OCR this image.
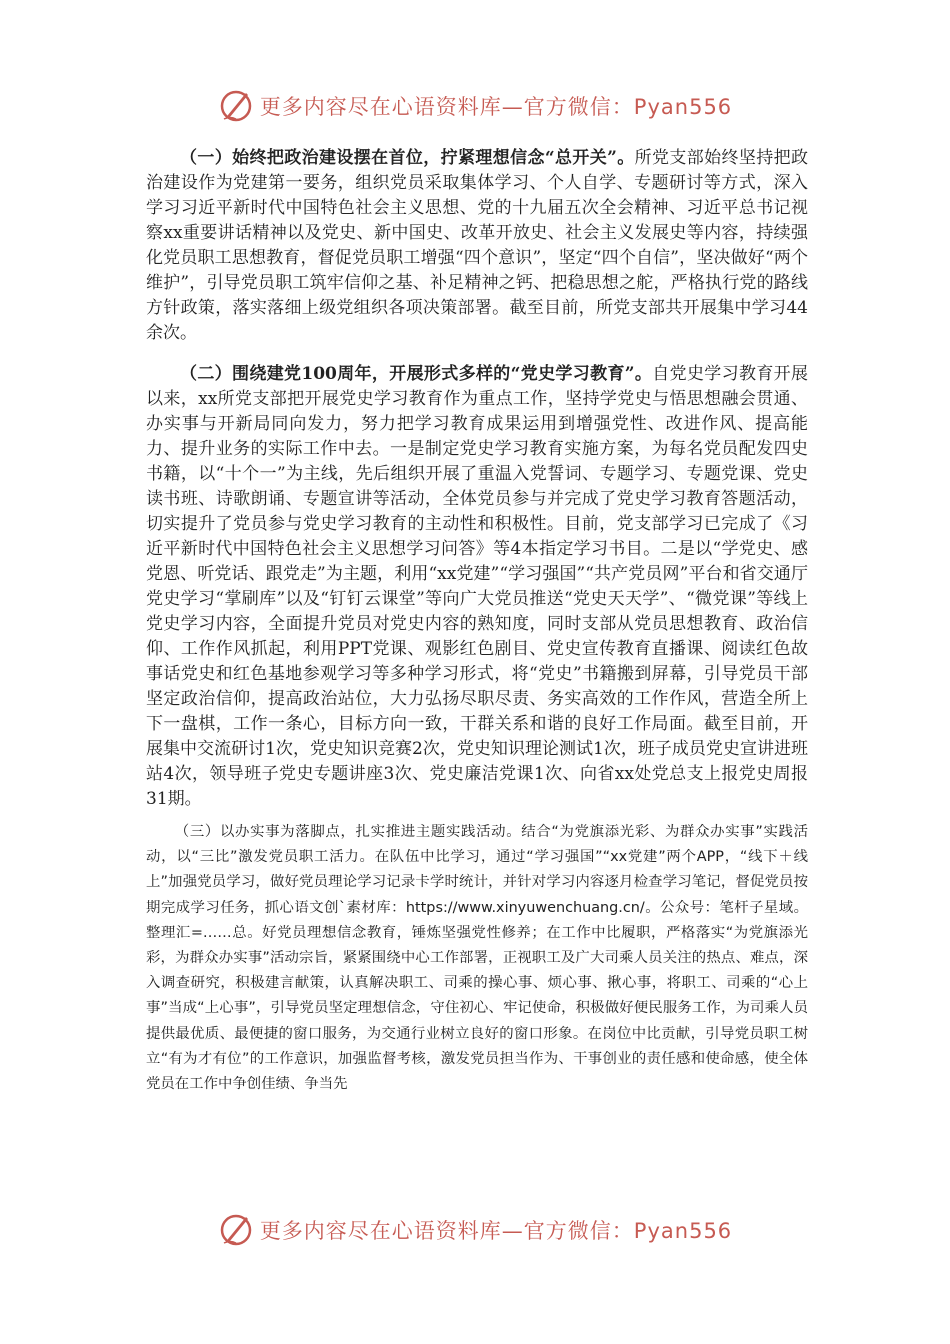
更多内容尽在心语资料库—官方微信：Pyan556

（一）始终把政治建设摆在首位，拧紧理想信念“总开关”。所党支部始终坚持把政治建设作为党建第一要务，组织党员采取集体学习、个人自学、专题研讨等方式，深入学习习近平新时代中国特色社会主义思想、党的十九届五次全会精神、习近平总书记视察xx重要讲话精神以及党史、新中国史、改革开放史、社会主义发展史等内容，持续强化党员职工思想教育，督促党员职工增强“四个意识”，坚定“四个自信”，坚决做好“两个维护”，引导党员职工筑牢信仰之基、补足精神之钙、把稳思想之舵，严格执行党的路线方针政策，落实落细上级党组织各项决策部署。截至目前，所党支部共开展集中学习44余次。

（二）围绕建党100周年，开展形式多样的“党史学习教育”。自党史学习教育开展以来，xx所党支部把开展党史学习教育作为重点工作，坚持学党史与悟思想融会贯通、办实事与开新局同向发力，努力把学习教育成果运用到增强党性、改进作风、提高能力、提升业务的实际工作中去。一是制定党史学习教育实施方案，为每名党员配发四史书籍，以“十个一”为主线，先后组织开展了重温入党誓词、专题学习、专题党课、党史读书班、诗歌朗诵、专题宣讲等活动，全体党员参与并完成了党史学习教育答题活动，切实提升了党员参与党史学习教育的主动性和积极性。目前，党支部学习已完成了《习近平新时代中国特色社会主义思想学习问答》等4本指定学习书目。二是以“学党史、感党恩、听党话、跟党走”为主题，利用“xx党建”“学习强国”“共产党员网”平台和省交通厅党史学习“掌刷库”以及“钉钉云课堂”等向广大党员推送“党史天天学”、“微党课”等线上党史学习内容，全面提升党员对党史内容的熟知度，同时支部从党员思想教育、政治信仰、工作作风抓起，利用PPT党课、观影红色剧目、党史宣传教育直播课、阅读红色故事话党史和红色基地参观学习等多种学习形式，将“党史”书籍搬到屏幕，引导党员干部坚定政治信仰，提高政治站位，大力弘扬尽职尽责、务实高效的工作作风，营造全所上下一盘棋，工作一条心，目标方向一致，干群关系和谐的良好工作局面。截至目前，开展集中交流研讨1次，党史知识竞赛2次，党史知识理论测试1次，班子成员党史宣讲进班站4次，领导班子党史专题讲座3次、党史廉洁党课1次、向省xx处党总支上报党史周报31期。

（三）以办实事为落脚点，扎实推进主题实践活动。结合“为党旗添光彩、为群众办实事”实践活动，以“三比”激发党员职工活力。在队伍中比学习，通过“学习强国”“xx党建”两个APP，“线下＋线上”加强党员学习，做好党员理论学习记录卡学时统计，并针对学习内容逐月检查学习笔记，督促党员按期完成学习任务，抓心语文创`素材库：https://www.xinyuwenchuang.cn/。公众号：笔杆子星域。整理汇=……总。好党员理想信念教育，锤炼坚强党性修养；在工作中比履职，严格落实“为党旗添光彩，为群众办实事”活动宗旨，紧紧围绕中心工作部署，正视职工及广大司乘人员关注的热点、难点，深入调查研究，积极建言献策，认真解决职工、司乘的操心事、烦心事、揪心事，将职工、司乘的“心上事”当成“上心事”，引导党员坚定理想信念，守住初心、牢记使命，积极做好便民服务工作，为司乘人员提供最优质、最便捷的窗口服务，为交通行业树立良好的窗口形象。在岗位中比贡献，引导党员职工树立“有为才有位”的工作意识，加强监督考核，激发党员担当作为、干事创业的责任感和使命感，使全体党员在工作中争创佳绩、争当先

更多内容尽在心语资料库—官方微信：Pyan556
